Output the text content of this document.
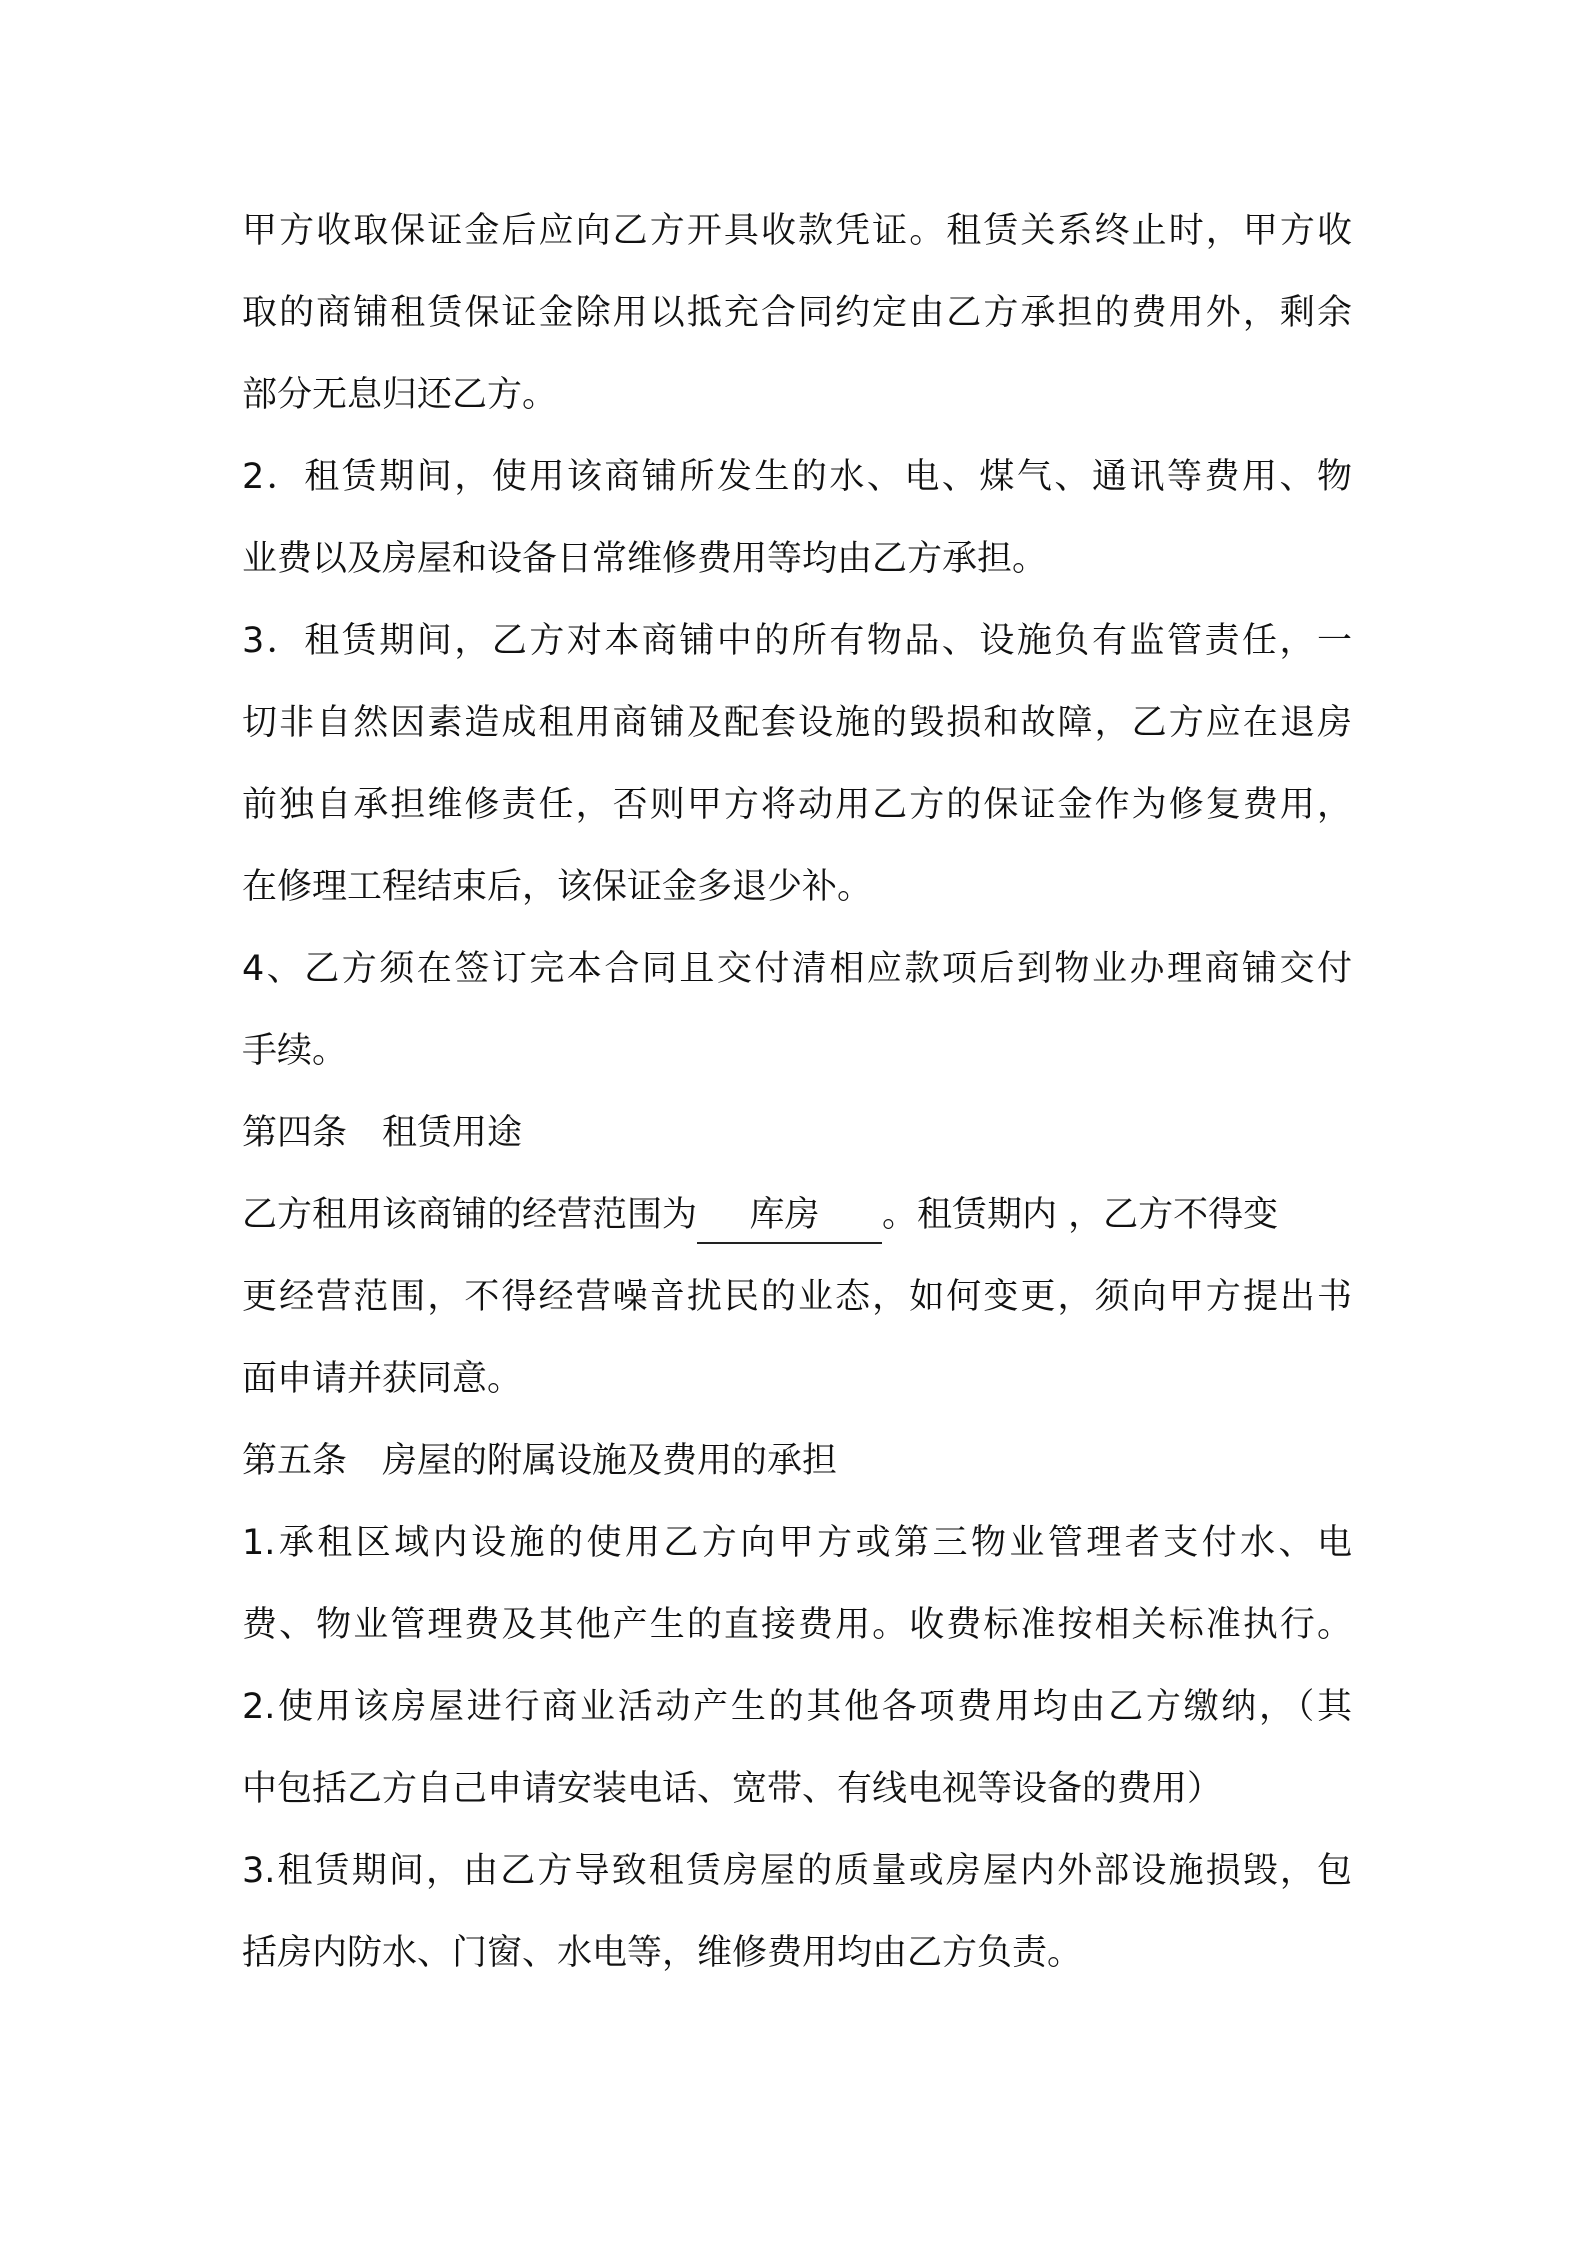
甲方收取保证金后应向乙方开具收款凭证。租赁关系终止时，甲方收
取的商铺租赁保证金除用以抵充合同约定由乙方承担的费用外，剩余
部分无息归还乙方。
2．租赁期间，使用该商铺所发生的水、电、煤气、通讯等费用、物
业费以及房屋和设备日常维修费用等均由乙方承担。
3．租赁期间，乙方对本商铺中的所有物品、设施负有监管责任，一
切非自然因素造成租用商铺及配套设施的毁损和故障，乙方应在退房
前独自承担维修责任，否则甲方将动用乙方的保证金作为修复费用，
在修理工程结束后，该保证金多退少补。
4、乙方须在签订完本合同且交付清相应款项后到物业办理商铺交付
手续。
第四条　租赁用途
乙方租用该商铺的经营范围为 库房 。租赁期内 ，乙方不得变
更经营范围，不得经营噪音扰民的业态，如何变更，须向甲方提出书
面申请并获同意。
第五条　房屋的附属设施及费用的承担
1.承租区域内设施的使用乙方向甲方或第三物业管理者支付水、电
费、物业管理费及其他产生的直接费用。收费标准按相关标准执行。
2.使用该房屋进行商业活动产生的其他各项费用均由乙方缴纳，（其
中包括乙方自己申请安装电话、宽带、有线电视等设备的费用）
3.租赁期间，由乙方导致租赁房屋的质量或房屋内外部设施损毁，包
括房内防水、门窗、水电等，维修费用均由乙方负责。
